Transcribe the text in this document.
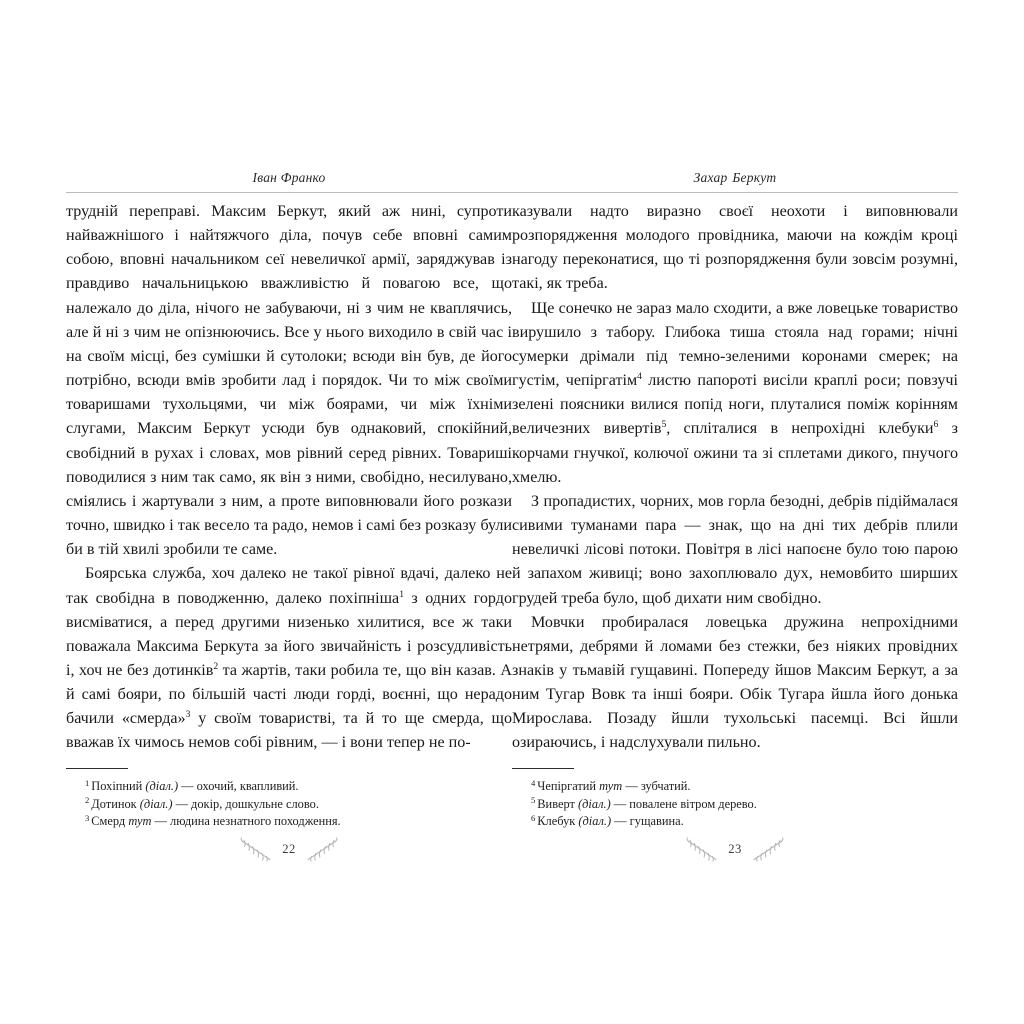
Іван Франко

трудній переправі. Максим Беркут, який аж нині, супроти найважнішого і найтяжчого діла, почув себе вповні самим собою, вповні начальником сеї невеличкої армії, заряджував із правдиво начальницькою вважливістю й повагою все, що належало до діла, нічого не забуваючи, ні з чим не квaплячись, але й ні з чим не опізнюючись. Все у нього виходило в свій час і на своїм місці, без сумішки й сутолоки; всюди він був, де його потрібно, всюди вмів зробити лад і порядок. Чи то між своїми товаришами тухольцями, чи між боярами, чи між їхніми слугами, Максим Беркут усюди був однаковий, спокійний, свобідний в рухах і словах, мов рівний серед рівних. Товариші поводилися з ним так само, як він з ними, свобідно, несилувано, сміялись і жартували з ним, а проте виповнювали його розкази точно, швидко і так весело та радо, немов і самі без розказу були би в тій хвилі зробили те саме.

Боярська служба, хоч далеко не такої рівної вдачі, далеко не так свобідна в поводженню, далеко похіпніша$^1$ з одних гордо висміватися, а перед другими низенько хилитися, все ж таки поважала Максима Беркута за його звичайність і розсудливість і, хоч не без дотинків$^2$ та жартів, таки робила те, що він казав. А й самі бояри, по більшій часті люди горді, воєнні, що нерадо бачили «смерда»$^3$ у своїм товаристві, та й то ще смерда, що вважав їх чимось немов собі рівним, — і вони тепер не по-

$^1$ Похіпний (діал.) — охочий, квапливий.
$^2$ Дотинок (діал.) — докір, дошкульне слово.
$^3$ Смерд тут — людина незнатного походження.
22
Захар Беркут

казували надто виразно своєї неохоти і виповнювали розпорядження молодого провідника, маючи на кождім кроці нагоду переконатися, що ті розпорядження були зовсім розумні, такі, як треба.

Ще сонечко не зараз мало сходити, а вже ловецьке товариство вирушило з табору. Глибока тиша стояла над горами; нічні сумерки дрімали під темно-зеленими коронами смерек; на густім, чепіргатім$^4$ листю папороті висіли краплі роси; повзучі зелені поясники вилися попід ноги, плуталися поміж корінням величезних вивертів$^5$, сплітaлися в непрохідні клебуки$^6$ з корчами гнучкої, колючої ожини та зі сплетами дикого, пнучого хмелю.

З пропадистих, чорних, мов горла безодні, дебрів підіймалася сивими туманами пара — знак, що на дні тих дебрів плили невеличкі лісові потоки. Повітря в лісі напоєне було тою парою й запахом живиці; воно захоплювало дух, немовбито ширших грудей треба було, щоб дихати ним свобідно.

Мовчки пробиралася ловецька дружина непрохідними нетрями, дебрями й ломами без стежки, без ніяких провідних знаків у тьмавій гущавині. Попереду йшов Максим Беркут, а за ним Тугар Вовк та інші бояри. Обік Тугара йшла його донька Мирослава. Позаду йшли тухольські пасемці. Всі йшли озираючись, і надслухували пильно.

$^4$ Чепіргатий тут — зубчатий.
$^5$ Виверт (діал.) — повалене вітром дерево.
$^6$ Клебук (діал.) — гущавина.
23
